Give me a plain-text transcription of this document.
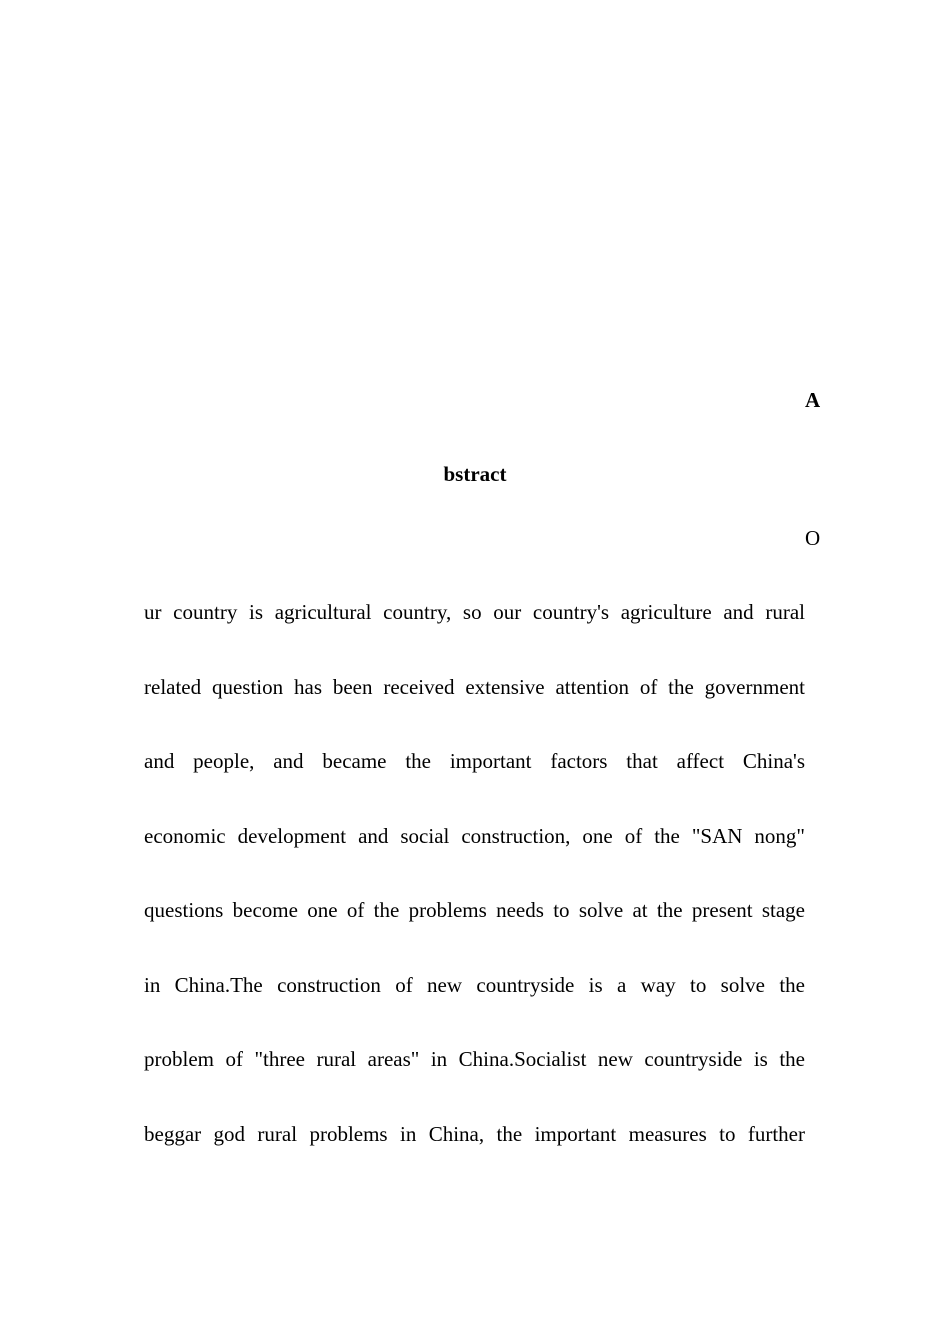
A
bstract
O
ur country is agricultural country, so our country's agriculture and rural
related question has been received extensive attention of the government
and people, and became the important factors that affect China's
economic development and social construction, one of the "SAN nong"
questions become one of the problems needs to solve at the present stage
in China.The construction of new countryside is a way to solve the
problem of "three rural areas" in China.Socialist new countryside is the
beggar god rural problems in China, the important measures to further
